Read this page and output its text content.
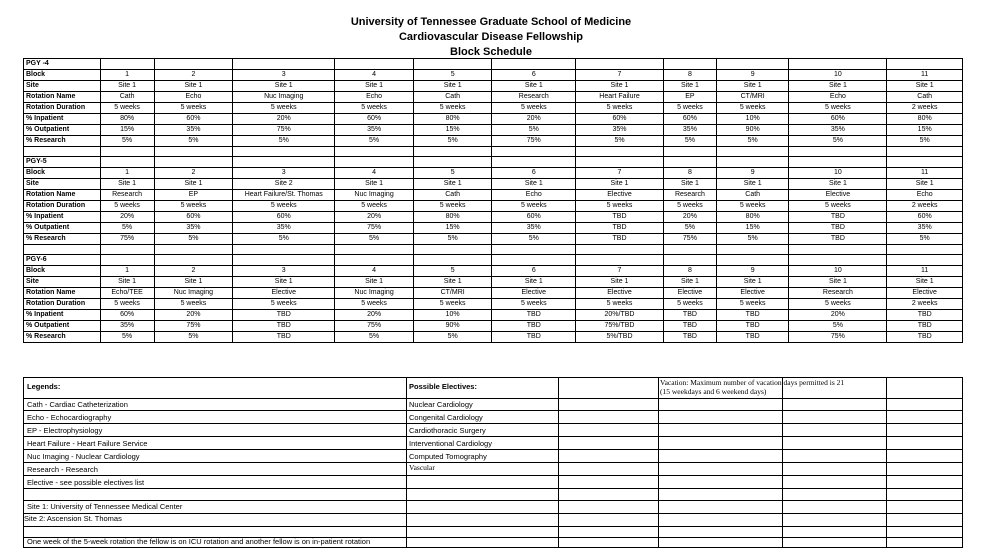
University of Tennessee Graduate School of Medicine
Cardiovascular Disease Fellowship
Block Schedule
PGY -4											
Block	1	2	3	4	5	6	7	8	9	10	11
Site	Site 1	Site 1	Site 1	Site 1	Site 1	Site 1	Site 1	Site 1	Site 1	Site 1	Site 1
Rotation Name	Cath	Echo	Nuc Imaging	Echo	Cath	Research	Heart Failure	EP	CT/MRI	Echo	Cath
Rotation Duration	5 weeks	5 weeks	5 weeks	5 weeks	5 weeks	5 weeks	5 weeks	5 weeks	5 weeks	5 weeks	2 weeks
% Inpatient	80%	60%	20%	60%	80%	20%	60%	60%	10%	60%	80%
% Outpatient	15%	35%	75%	35%	15%	5%	35%	35%	90%	35%	15%
% Research	5%	5%	5%	5%	5%	75%	5%	5%	5%	5%	5%

PGY-5											
Block	1	2	3	4	5	6	7	8	9	10	11
Site	Site 1	Site 1	Site 2	Site 1	Site 1	Site 1	Site 1	Site 1	Site 1	Site 1	Site 1
Rotation Name	Research	EP	Heart Failure/St. Thomas	Nuc Imaging	Cath	Echo	Elective	Research	Cath	Elective	Echo
Rotation Duration	5 weeks	5 weeks	5 weeks	5 weeks	5 weeks	5 weeks	5 weeks	5 weeks	5 weeks	5 weeks	2 weeks
% Inpatient	20%	60%	60%	20%	80%	60%	TBD	20%	80%	TBD	60%
% Outpatient	5%	35%	35%	75%	15%	35%	TBD	5%	15%	TBD	35%
% Research	75%	5%	5%	5%	5%	5%	TBD	75%	5%	TBD	5%

PGY-6											
Block	1	2	3	4	5	6	7	8	9	10	11
Site	Site 1	Site 1	Site 1	Site 1	Site 1	Site 1	Site 1	Site 1	Site 1	Site 1	Site 1
Rotation Name	Echo/TEE	Nuc Imaging	Elective	Nuc Imaging	CT/MRI	Elective	Elective	Elective	Elective	Research	Elective
Rotation Duration	5 weeks	5 weeks	5 weeks	5 weeks	5 weeks	5 weeks	5 weeks	5 weeks	5 weeks	5 weeks	2 weeks
% Inpatient	60%	20%	TBD	20%	10%	TBD	20%/TBD	TBD	TBD	20%	TBD
% Outpatient	35%	75%	TBD	75%	90%	TBD	75%/TBD	TBD	TBD	5%	TBD
% Research	5%	5%	TBD	5%	5%	TBD	5%/TBD	TBD	TBD	75%	TBD
Legends:
Cath - Cardiac Catheterization
Echo - Echocardiography
EP - Electrophysiology
Heart Failure - Heart Failure Service
Nuc Imaging - Nuclear Cardiology
Research - Research
Elective - see possible electives list
Possible Electives:
Nuclear Cardiology
Congenital Cardiology
Cardiothoracic Surgery
Interventional Cardiology
Computed Tomography
Vascular
Vacation: Maximum number of vacation days permitted is 21
(15 weekdays and 6 weekend days)
Site 1: University of Tennessee Medical Center
Site 2: Ascension St. Thomas
One week of the 5-week rotation the fellow is on ICU rotation and another fellow is on in-patient rotation
